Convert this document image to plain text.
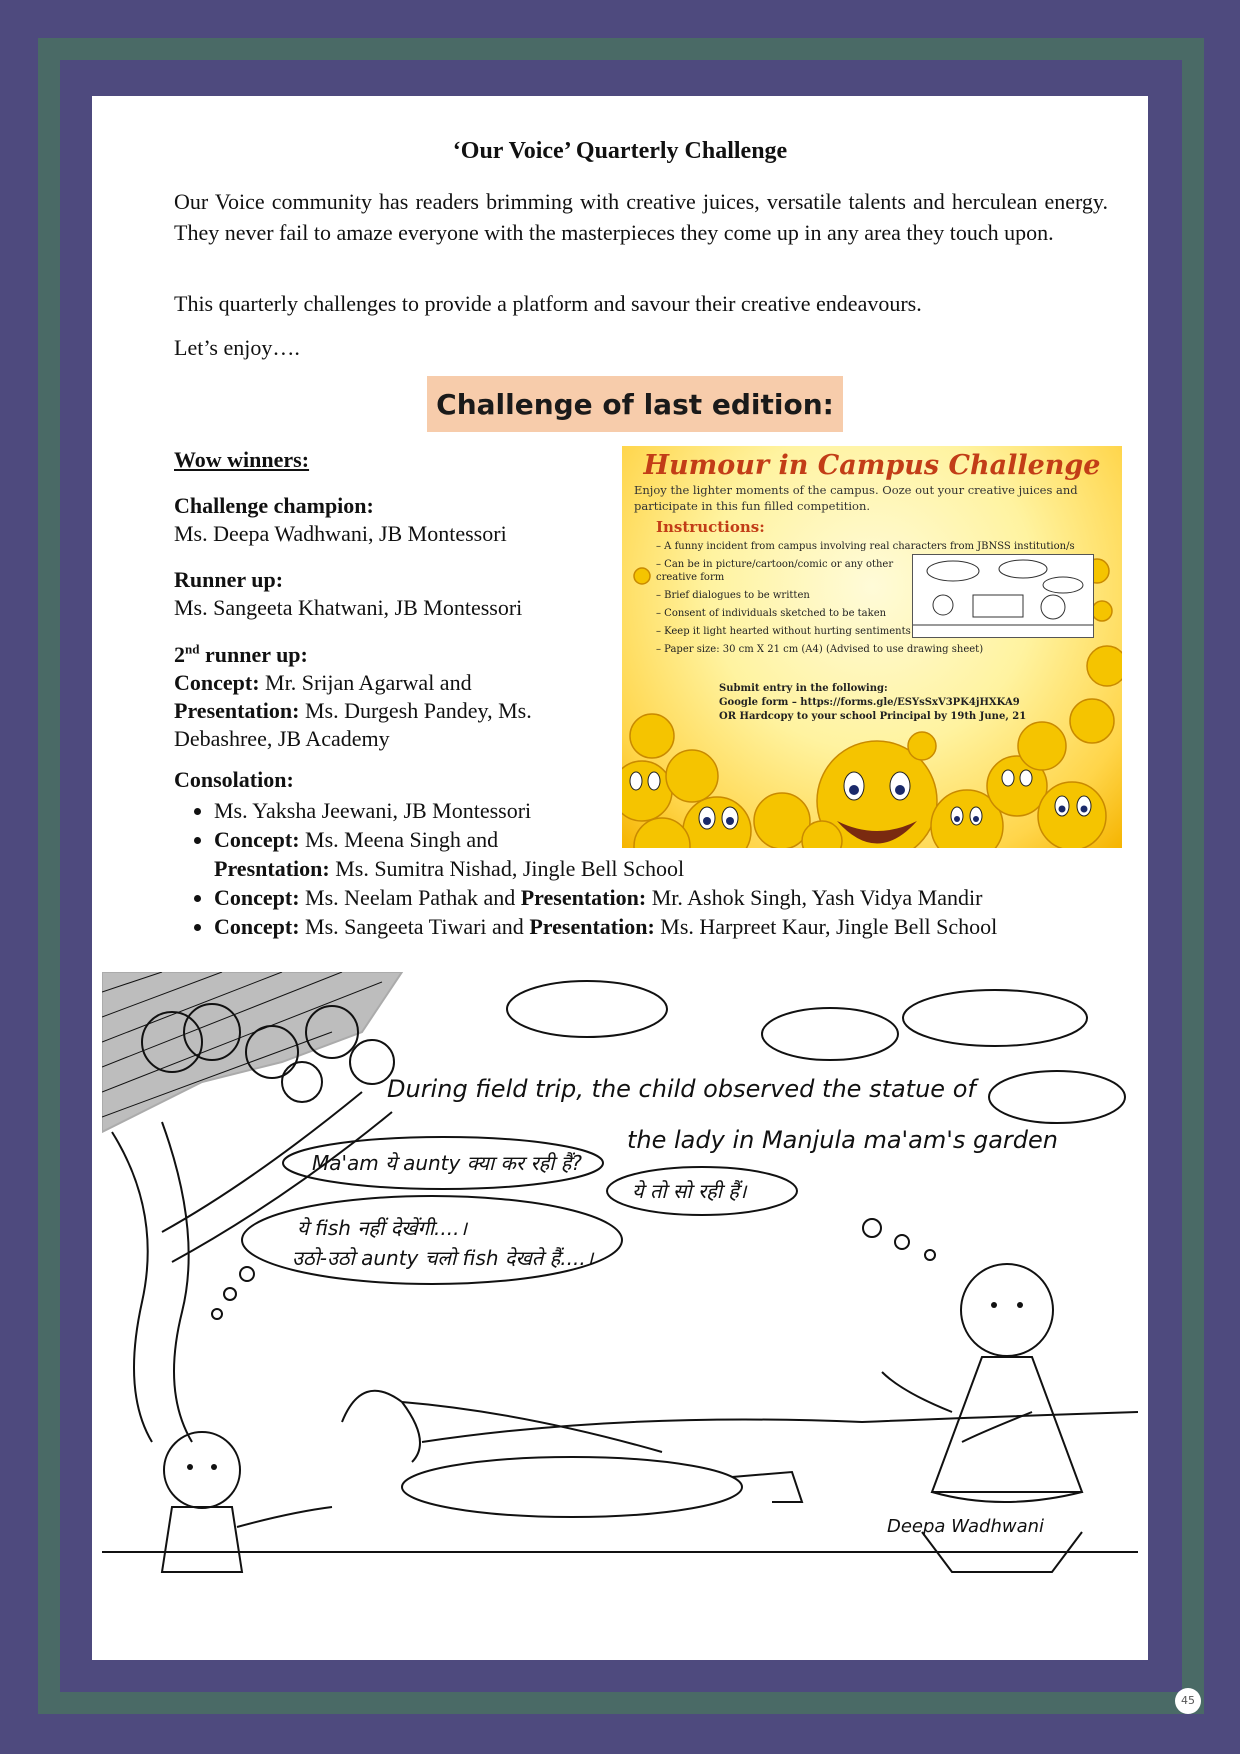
‘Our Voice’ Quarterly Challenge
Our Voice community has readers brimming with creative juices, versatile talents and herculean energy. They never fail to amaze everyone with the masterpieces they come up in any area they touch upon.
This quarterly challenges to provide a platform and savour their creative endeavours.
Let’s enjoy….
Challenge of last edition:
Wow winners:
Challenge champion:
Ms. Deepa Wadhwani, JB Montessori
Runner up:
Ms. Sangeeta Khatwani, JB Montessori
2nd runner up:
Concept: Mr. Srijan Agarwal and
Presentation: Ms. Durgesh Pandey, Ms.
Debashree, JB Academy
Consolation:
• Ms. Yaksha Jeewani, JB Montessori
• Concept: Ms. Meena Singh and
Presntation: Ms. Sumitra Nishad, Jingle Bell School
• Concept: Ms. Neelam Pathak and Presentation: Mr. Ashok Singh, Yash Vidya Mandir
• Concept: Ms. Sangeeta Tiwari and Presentation: Ms. Harpreet Kaur, Jingle Bell School
Humour in Campus Challenge
Enjoy the lighter moments of the campus. Ooze out your creative juices and participate in this fun filled competition.
Instructions:
– A funny incident from campus involving real characters from JBNSS institution/s
– Can be in picture/cartoon/comic or any other creative form
– Brief dialogues to be written
– Consent of individuals sketched to be taken
– Keep it light hearted without hurting sentiments
– Paper size: 30 cm X 21 cm (A4) (Advised to use drawing sheet)
Submit entry in the following:
Google form – https://forms.gle/ESYsSxV3PK4jHXKA9
OR Hardcopy to your school Principal by 19th June, 21
During field trip, the child observed the statue of
the lady in Manjula ma'am's garden
Ma'am ये aunty क्या कर रही हैं?
ये तो सो रही हैं।
ये fish नहीं देखेंगी....।
उठो-उठो aunty चलो fish देखते हैं....।
Deepa Wadhwani
45
